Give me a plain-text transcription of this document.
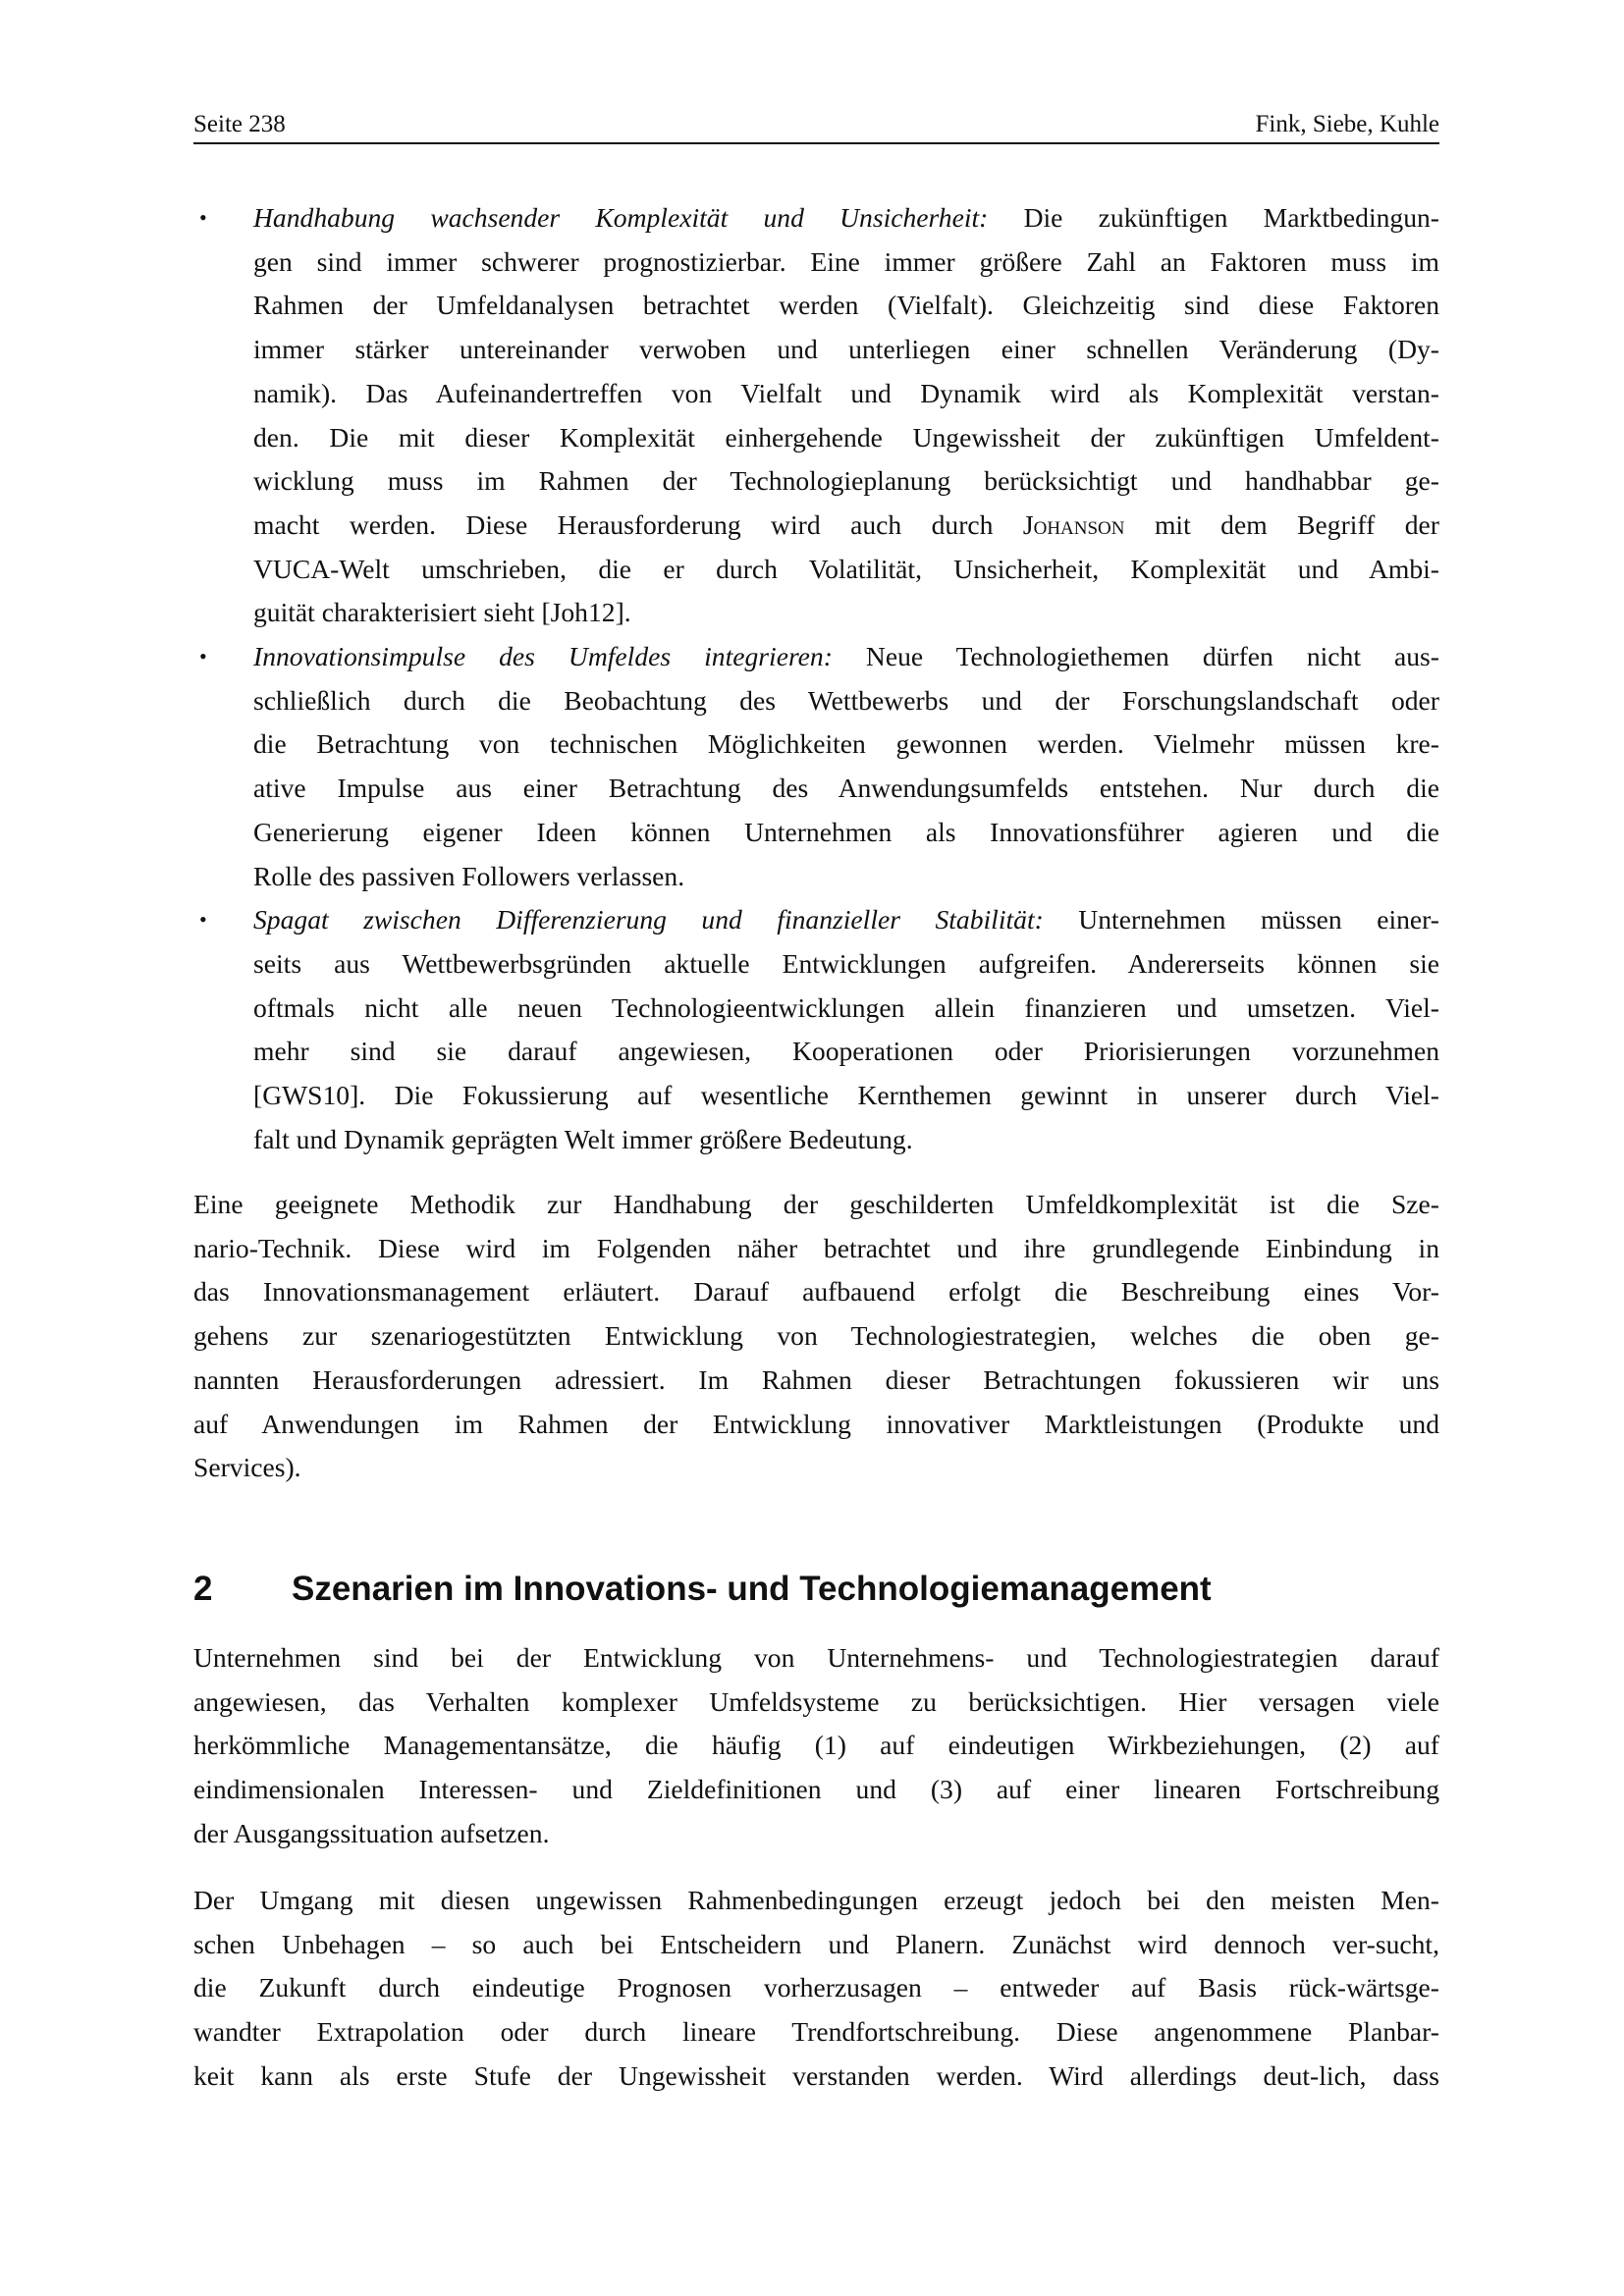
Seite 238	Fink, Siebe, Kuhle
• Handhabung wachsender Komplexität und Unsicherheit: Die zukünftigen Marktbedingun-
gen sind immer schwerer prognostizierbar. Eine immer größere Zahl an Faktoren muss im
Rahmen der Umfeldanalysen betrachtet werden (Vielfalt). Gleichzeitig sind diese Faktoren
immer stärker untereinander verwoben und unterliegen einer schnellen Veränderung (Dy-
namik). Das Aufeinandertreffen von Vielfalt und Dynamik wird als Komplexität verstan-
den. Die mit dieser Komplexität einhergehende Ungewissheit der zukünftigen Umfeldent-
wicklung muss im Rahmen der Technologieplanung berücksichtigt und handhabbar ge-
macht werden. Diese Herausforderung wird auch durch Johanson mit dem Begriff der
VUCA-Welt umschrieben, die er durch Volatilität, Unsicherheit, Komplexität und Ambi-
guität charakterisiert sieht [Joh12].
• Innovationsimpulse des Umfeldes integrieren: Neue Technologiethemen dürfen nicht aus-
schließlich durch die Beobachtung des Wettbewerbs und der Forschungslandschaft oder
die Betrachtung von technischen Möglichkeiten gewonnen werden. Vielmehr müssen kre-
ative Impulse aus einer Betrachtung des Anwendungsumfelds entstehen. Nur durch die
Generierung eigener Ideen können Unternehmen als Innovationsführer agieren und die
Rolle des passiven Followers verlassen.
• Spagat zwischen Differenzierung und finanzieller Stabilität: Unternehmen müssen einer-
seits aus Wettbewerbsgründen aktuelle Entwicklungen aufgreifen. Andererseits können sie
oftmals nicht alle neuen Technologieentwicklungen allein finanzieren und umsetzen. Viel-
mehr sind sie darauf angewiesen, Kooperationen oder Priorisierungen vorzunehmen
[GWS10]. Die Fokussierung auf wesentliche Kernthemen gewinnt in unserer durch Viel-
falt und Dynamik geprägten Welt immer größere Bedeutung.
Eine geeignete Methodik zur Handhabung der geschilderten Umfeldkomplexität ist die Sze-
nario-Technik. Diese wird im Folgenden näher betrachtet und ihre grundlegende Einbindung in
das Innovationsmanagement erläutert. Darauf aufbauend erfolgt die Beschreibung eines Vor-
gehens zur szenariogestützten Entwicklung von Technologiestrategien, welches die oben ge-
nannten Herausforderungen adressiert. Im Rahmen dieser Betrachtungen fokussieren wir uns
auf Anwendungen im Rahmen der Entwicklung innovativer Marktleistungen (Produkte und
Services).
2 Szenarien im Innovations- und Technologiemanagement
Unternehmen sind bei der Entwicklung von Unternehmens- und Technologiestrategien darauf
angewiesen, das Verhalten komplexer Umfeldsysteme zu berücksichtigen. Hier versagen viele
herkömmliche Managementansätze, die häufig (1) auf eindeutigen Wirkbeziehungen, (2) auf
eindimensionalen Interessen- und Zieldefinitionen und (3) auf einer linearen Fortschreibung
der Ausgangssituation aufsetzen.
Der Umgang mit diesen ungewissen Rahmenbedingungen erzeugt jedoch bei den meisten Men-
schen Unbehagen – so auch bei Entscheidern und Planern. Zunächst wird dennoch ver-sucht,
die Zukunft durch eindeutige Prognosen vorherzusagen – entweder auf Basis rück-wärtsge-
wandter Extrapolation oder durch lineare Trendfortschreibung. Diese angenommene Planbar-
keit kann als erste Stufe der Ungewissheit verstanden werden. Wird allerdings deut-lich, dass
